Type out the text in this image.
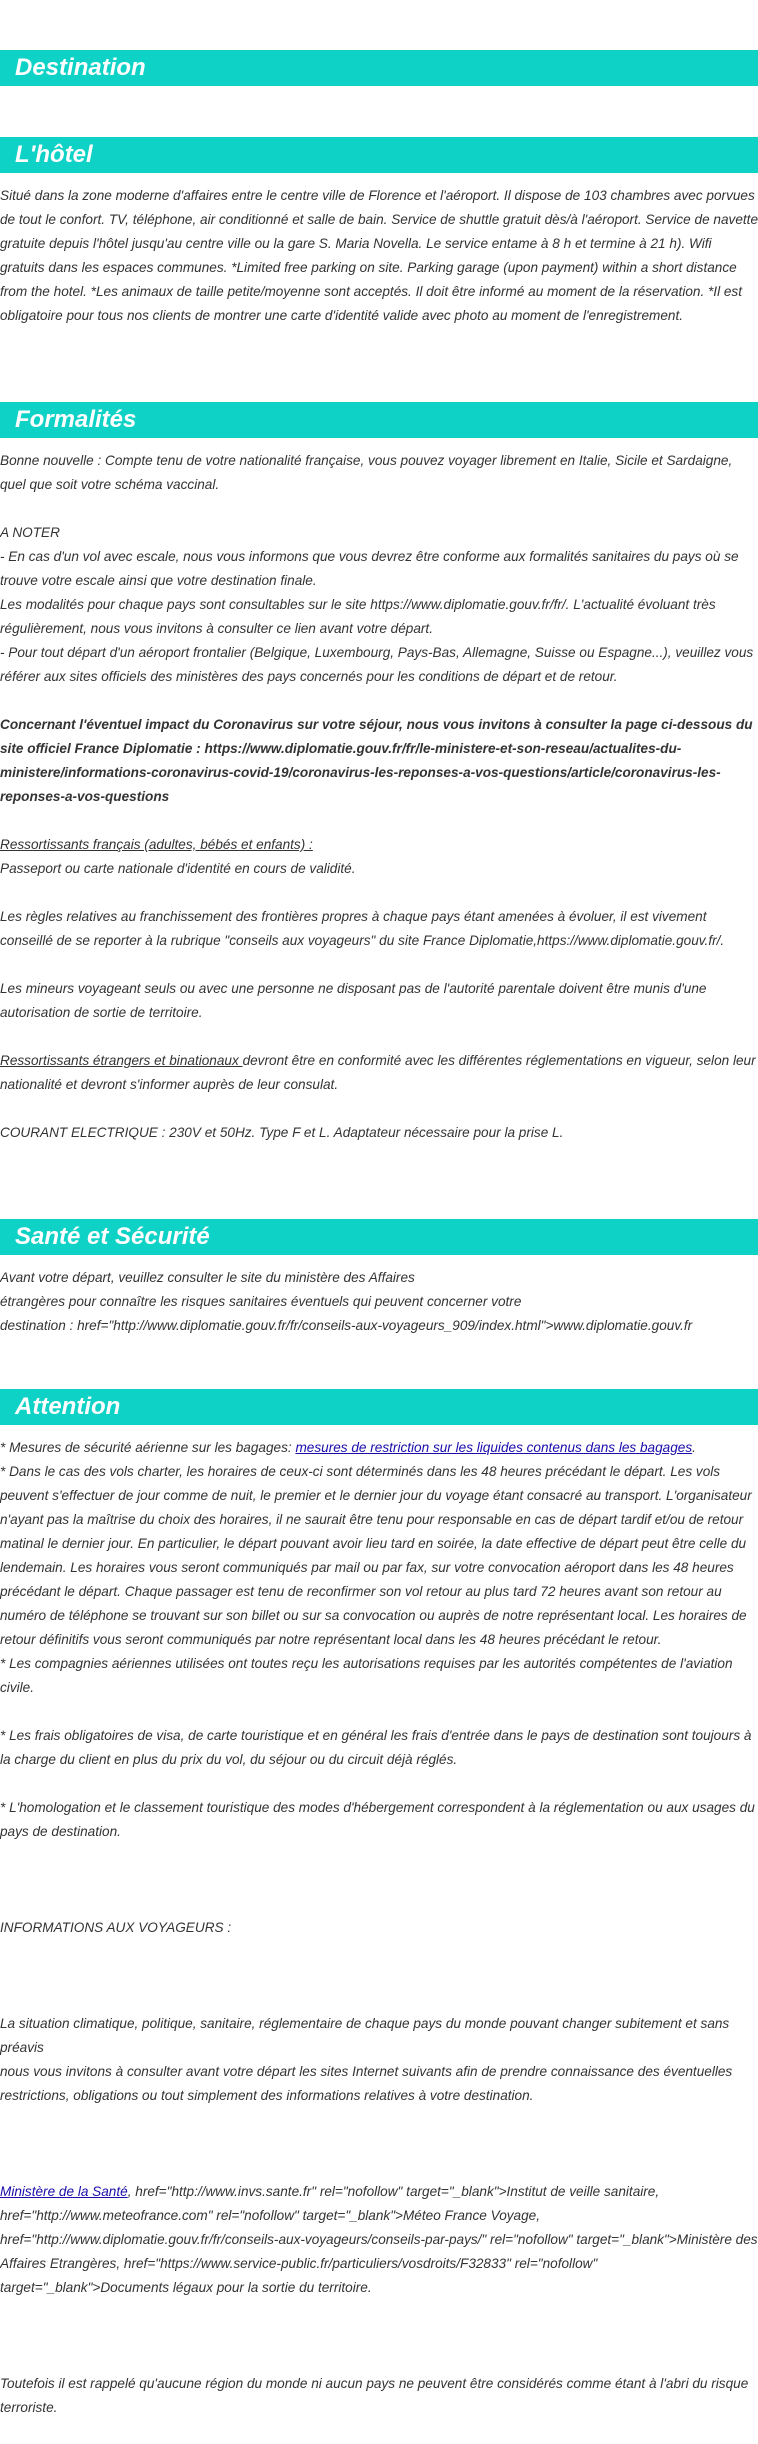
Destination
L'hôtel

Situé dans la zone moderne d'affaires entre le centre ville de Florence et l'aéroport. Il dispose de 103 chambres avec porvues de tout le confort. TV, téléphone, air conditionné et salle de bain. Service de shuttle gratuit dès/à l'aéroport. Service de navette gratuite depuis l'hôtel jusqu'au centre ville ou la gare S. Maria Novella. Le service entame à 8 h et termine à 21 h). Wifi gratuits dans les espaces communes. *Limited free parking on site. Parking garage (upon payment) within a short distance from the hotel. *Les animaux de taille petite/moyenne sont acceptés. Il doit être informé au moment de la réservation. *Il est obligatoire pour tous nos clients de montrer une carte d'identité valide avec photo au moment de l'enregistrement.

Formalités

Bonne nouvelle : Compte tenu de votre nationalité française, vous pouvez voyager librement en Italie, Sicile et Sardaigne, quel que soit votre schéma vaccinal.

A NOTER

- En cas d'un vol avec escale, nous vous informons que vous devrez être conforme aux formalités sanitaires du pays où se trouve votre escale ainsi que votre destination finale.

Les modalités pour chaque pays sont consultables sur le site https://www.diplomatie.gouv.fr/fr/. L'actualité évoluant très régulièrement, nous vous invitons à consulter ce lien avant votre départ.

- Pour tout départ d'un aéroport frontalier (Belgique, Luxembourg, Pays-Bas, Allemagne, Suisse ou Espagne...), veuillez vous référer aux sites officiels des ministères des pays concernés pour les conditions de départ et de retour.

Concernant l'éventuel impact du Coronavirus sur votre séjour, nous vous invitons à consulter la page ci-dessous du site officiel France Diplomatie : https://www.diplomatie.gouv.fr/fr/le-ministere-et-son-reseau/actualites-du-ministere/informations-coronavirus-covid-19/coronavirus-les-reponses-a-vos-questions/article/coronavirus-les-reponses-a-vos-questions

Ressortissants français (adultes, bébés et enfants) :

Passeport ou carte nationale d'identité en cours de validité.

Les règles relatives au franchissement des frontières propres à chaque pays étant amenées à évoluer, il est vivement conseillé de se reporter à la rubrique "conseils aux voyageurs" du site France Diplomatie,https://www.diplomatie.gouv.fr/.

Les mineurs voyageant seuls ou avec une personne ne disposant pas de l'autorité parentale doivent être munis d'une autorisation de sortie de territoire.

Ressortissants étrangers et binationaux devront être en conformité avec les différentes réglementations en vigueur, selon leur nationalité et devront s'informer auprès de leur consulat.

COURANT ELECTRIQUE : 230V et 50Hz. Type F et L. Adaptateur nécessaire pour la prise L.

Santé et Sécurité

Avant votre départ, veuillez consulter le site du ministère des Affaires

étrangères pour connaître les risques sanitaires éventuels qui peuvent concerner votre

destination : href="http://www.diplomatie.gouv.fr/fr/conseils-aux-voyageurs_909/index.html">www.diplomatie.gouv.fr

Attention

* Mesures de sécurité aérienne sur les bagages: mesures de restriction sur les liquides contenus dans les bagages.

* Dans le cas des vols charter, les horaires de ceux-ci sont déterminés dans les 48 heures précédant le départ. Les vols peuvent s'effectuer de jour comme de nuit, le premier et le dernier jour du voyage étant consacré au transport. L'organisateur n'ayant pas la maîtrise du choix des horaires, il ne saurait être tenu pour responsable en cas de départ tardif et/ou de retour matinal le dernier jour. En particulier, le départ pouvant avoir lieu tard en soirée, la date effective de départ peut être celle du lendemain. Les horaires vous seront communiqués par mail ou par fax, sur votre convocation aéroport dans les 48 heures précédant le départ. Chaque passager est tenu de reconfirmer son vol retour au plus tard 72 heures avant son retour au numéro de téléphone se trouvant sur son billet ou sur sa convocation ou auprès de notre représentant local. Les horaires de retour définitifs vous seront communiqués par notre représentant local dans les 48 heures précédant le retour.

* Les compagnies aériennes utilisées ont toutes reçu les autorisations requises par les autorités compétentes de l'aviation civile.

* Les frais obligatoires de visa, de carte touristique et en général les frais d'entrée dans le pays de destination sont toujours à la charge du client en plus du prix du vol, du séjour ou du circuit déjà réglés.

* L'homologation et le classement touristique des modes d'hébergement correspondent à la réglementation ou aux usages du pays de destination.

INFORMATIONS AUX VOYAGEURS :

La situation climatique, politique, sanitaire, réglementaire de chaque pays du monde pouvant changer subitement et sans préavis

nous vous invitons à consulter avant votre départ les sites Internet suivants afin de prendre connaissance des éventuelles restrictions, obligations ou tout simplement des informations relatives à votre destination.

Ministère de la Santé, href="http://www.invs.sante.fr" rel="nofollow" target="_blank">Institut de veille sanitaire, href="http://www.meteofrance.com" rel="nofollow" target="_blank">Méteo France Voyage, href="http://www.diplomatie.gouv.fr/fr/conseils-aux-voyageurs/conseils-par-pays/" rel="nofollow" target="_blank">Ministère des Affaires Etrangères, href="https://www.service-public.fr/particuliers/vosdroits/F32833" rel="nofollow" target="_blank">Documents légaux pour la sortie du territoire.

Toutefois il est rappelé qu'aucune région du monde ni aucun pays ne peuvent être considérés comme étant à l'abri du risque terroriste.
